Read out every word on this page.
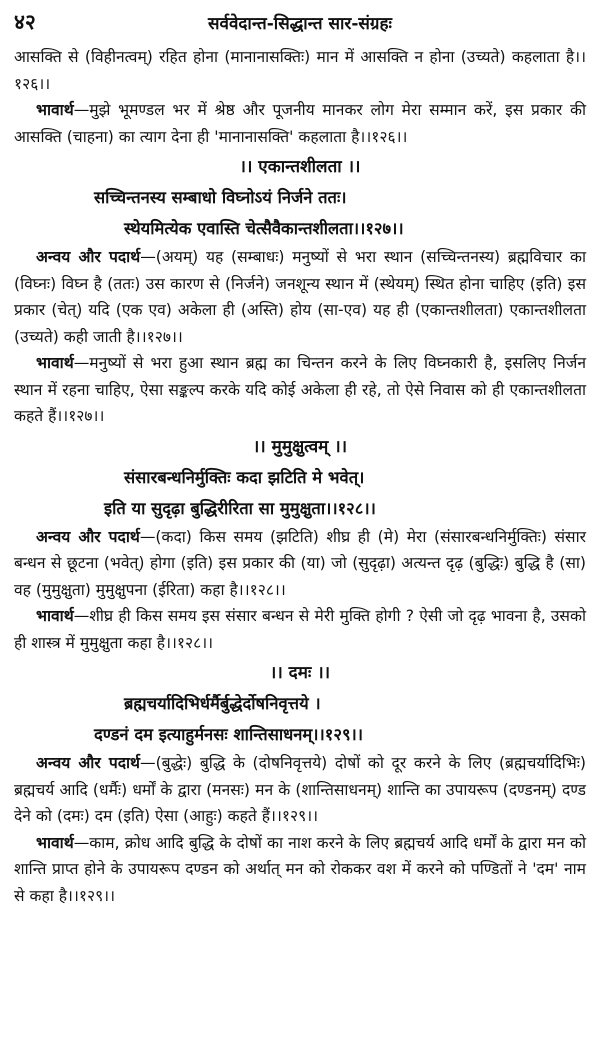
४२	सर्ववेदान्त-सिद्धान्त सार-संग्रहः

आसक्ति से (विहीनत्वम्) रहित होना (मानानासक्तिः) मान में आसक्ति न होना (उच्यते) कहलाता है।।१२६।।

भावार्थ—मुझे भूमण्डल भर में श्रेष्ठ और पूजनीय मानकर लोग मेरा सम्मान करें, इस प्रकार की आसक्ति (चाहना) का त्याग देना ही 'मानानासक्ति' कहलाता है।।१२६।।

।। एकान्तशीलता ।।

सच्चिन्तनस्य सम्बाधो विघ्नोऽयं निर्जने ततः।

स्थेयमित्येक एवास्ति चेत्सैवैकान्तशीलता।।१२७।।

अन्वय और पदार्थ—(अयम्) यह (सम्बाधः) मनुष्यों से भरा स्थान (सच्चिन्तनस्य) ब्रह्मविचार का (विघ्नः) विघ्न है (ततः) उस कारण से (निर्जने) जनशून्य स्थान में (स्थेयम्) स्थित होना चाहिए (इति) इस प्रकार (चेत्) यदि (एक एव) अकेला ही (अस्ति) होय (सा-एव) यह ही (एकान्तशीलता) एकान्तशीलता (उच्यते) कही जाती है।।१२७।।

भावार्थ—मनुष्यों से भरा हुआ स्थान ब्रह्म का चिन्तन करने के लिए विघ्नकारी है, इसलिए निर्जन स्थान में रहना चाहिए, ऐसा सङ्कल्प करके यदि कोई अकेला ही रहे, तो ऐसे निवास को ही एकान्तशीलता कहते हैं।।१२७।।

।। मुमुक्षुत्वम् ।।

संसारबन्धनिर्मुक्तिः कदा झटिति मे भवेत्।

इति या सुदृढ़ा बुद्धिरीरिता सा मुमुक्षुता।।१२८।।

अन्वय और पदार्थ—(कदा) किस समय (झटिति) शीघ्र ही (मे) मेरा (संसारबन्धनिर्मुक्तिः) संसार बन्धन से छूटना (भवेत्) होगा (इति) इस प्रकार की (या) जो (सुदृढ़ा) अत्यन्त दृढ़ (बुद्धिः) बुद्धि है (सा) वह (मुमुक्षुता) मुमुक्षुपना (ईरिता) कहा है।।१२८।।

भावार्थ—शीघ्र ही किस समय इस संसार बन्धन से मेरी मुक्ति होगी ? ऐसी जो दृढ़ भावना है, उसको ही शास्त्र में मुमुक्षुता कहा है।।१२८।।

।। दमः ।।

ब्रह्मचर्यादिभिर्धर्मैर्बुद्धेर्दोषनिवृत्तये ।

दण्डनं दम इत्याहुर्मनसः शान्तिसाधनम्।।१२९।।

अन्वय और पदार्थ—(बुद्धेः) बुद्धि के (दोषनिवृत्तये) दोषों को दूर करने के लिए (ब्रह्मचर्यादिभिः) ब्रह्मचर्य आदि (धर्मैः) धर्मों के द्वारा (मनसः) मन के (शान्तिसाधनम्) शान्ति का उपायरूप (दण्डनम्) दण्ड देने को (दमः) दम (इति) ऐसा (आहुः) कहते हैं।।१२९।।

भावार्थ—काम, क्रोध आदि बुद्धि के दोषों का नाश करने के लिए ब्रह्मचर्य आदि धर्मों के द्वारा मन को शान्ति प्राप्त होने के उपायरूप दण्डन को अर्थात् मन को रोककर वश में करने को पण्डितों ने 'दम' नाम से कहा है।।१२९।।
